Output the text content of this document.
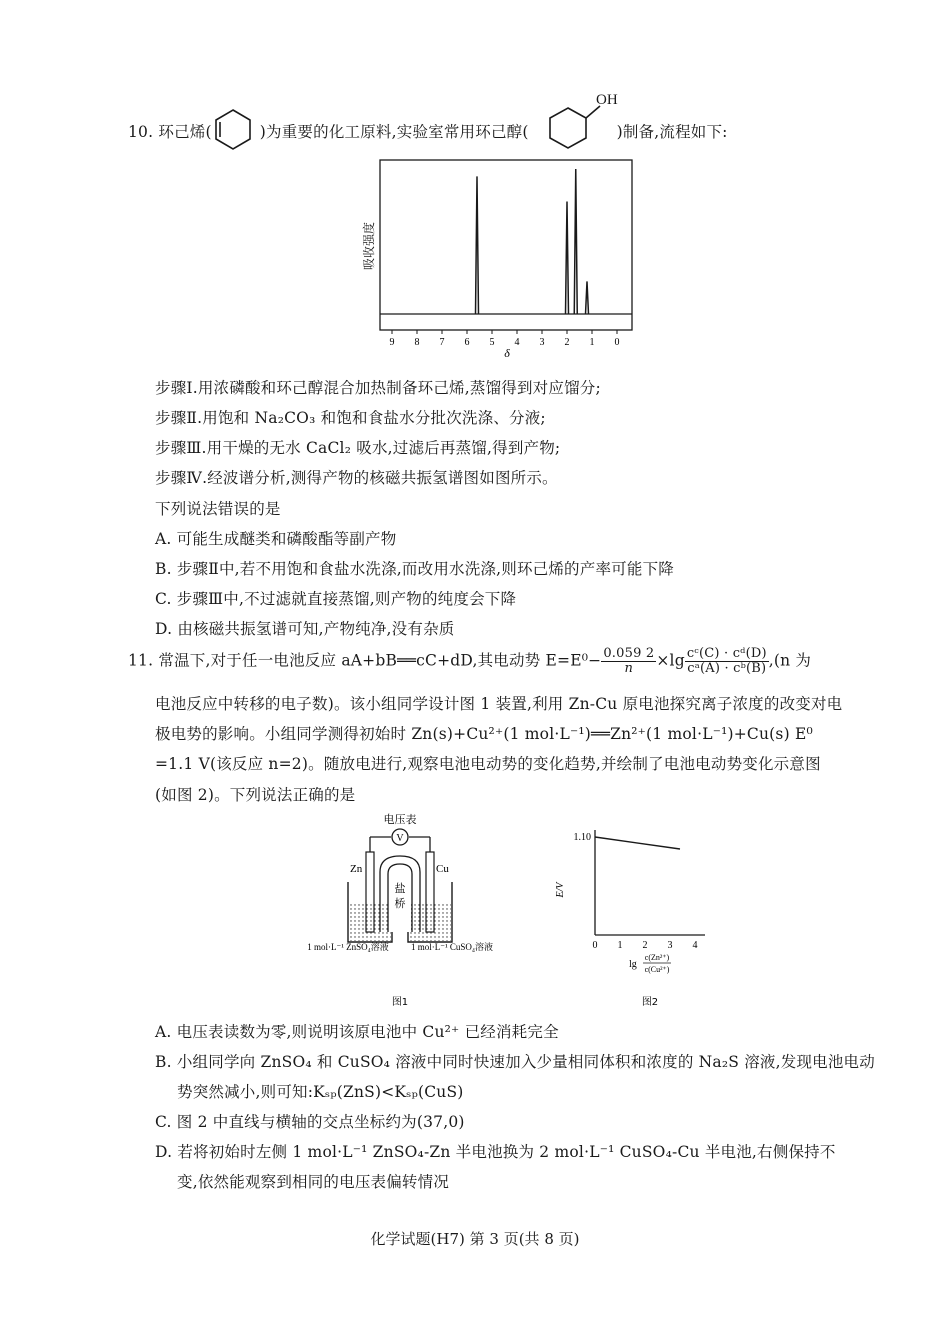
10. 环己烯(	)为重要的化工原料,实验室常用环己醇(	)制备,流程如下:
OH
吸收强度
δ
9 8 7 6 5 4 3 2 1 0
步骤Ⅰ.用浓磷酸和环己醇混合加热制备环己烯,蒸馏得到对应馏分;
步骤Ⅱ.用饱和 Na₂CO₃ 和饱和食盐水分批次洗涤、分液;
步骤Ⅲ.用干燥的无水 CaCl₂ 吸水,过滤后再蒸馏,得到产物;
步骤Ⅳ.经波谱分析,测得产物的核磁共振氢谱图如图所示。
下列说法错误的是
A. 可能生成醚类和磷酸酯等副产物
B. 步骤Ⅱ中,若不用饱和食盐水洗涤,而改用水洗涤,则环己烯的产率可能下降
C. 步骤Ⅲ中,不过滤就直接蒸馏,则产物的纯度会下降
D. 由核磁共振氢谱可知,产物纯净,没有杂质
11. 常温下,对于任一电池反应 aA+bB══cC+dD,其电动势 $E=E^0- \frac{0.059 2}{n} \times\lg \frac{\text{cᶜ(C) · cᵈ(D)}}{\text{cᵃ(A) · cᵇ(B)}} ,(n$ 为
电池反应中转移的电子数)。该小组同学设计图 1 装置,利用 Zn-Cu 原电池探究离子浓度的改变对电
极电势的影响。小组同学测得初始时 Zn(s)+Cu²⁺(1 mol·L⁻¹)══Zn²⁺(1 mol·L⁻¹)+Cu(s) E⁰
=1.1 V(该反应 n=2)。随放电进行,观察电池电动势的变化趋势,并绘制了电池电动势变化示意图
(如图 2)。下列说法正确的是
电压表
V
Zn	Cu
盐
桥
1 mol·L⁻¹ ZnSO₄溶液 1 mol·L⁻¹ CuSO₄溶液
图1
E/V
1.10
0 1 2 3 4
lg
c(Zn²⁺)
c(Cu²⁺)
图2
A. 电压表读数为零,则说明该原电池中 Cu²⁺ 已经消耗完全
B. 小组同学向 ZnSO₄ 和 CuSO₄ 溶液中同时快速加入少量相同体积和浓度的 Na₂S 溶液,发现电池电动
势突然减小,则可知:Kₛₚ(ZnS)<Kₛₚ(CuS)
C. 图 2 中直线与横轴的交点坐标约为(37,0)
D. 若将初始时左侧 1 mol·L⁻¹ ZnSO₄-Zn 半电池换为 2 mol·L⁻¹ CuSO₄-Cu 半电池,右侧保持不
变,依然能观察到相同的电压表偏转情况
化学试题(H7) 第 3 页(共 8 页)
